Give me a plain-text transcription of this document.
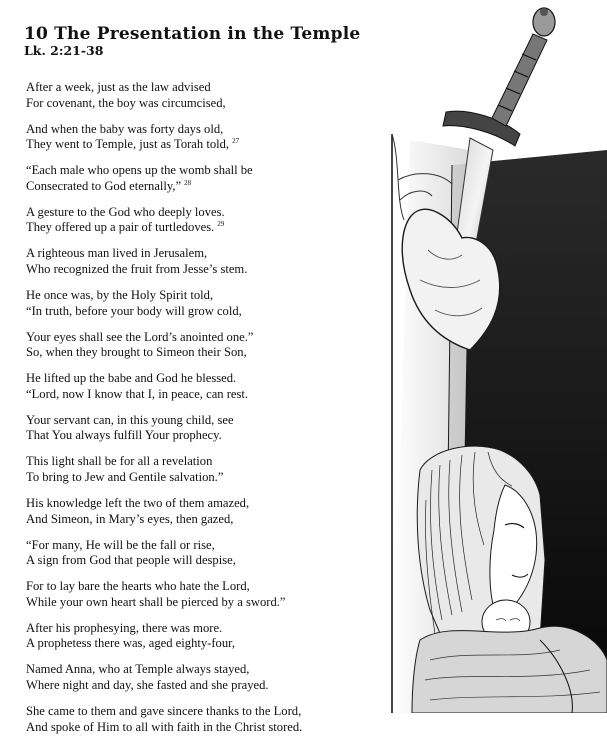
10 The Presentation in the Temple
Lk. 2:21-38
After a week, just as the law advised
For covenant, the boy was circumcised,
And when the baby was forty days old,
They went to Temple, just as Torah told, $^{27}$
“Each male who opens up the womb shall be
Consecrated to God eternally,” $^{28}$
A gesture to the God who deeply loves.
They offered up a pair of turtledoves. $^{29}$
A righteous man lived in Jerusalem,
Who recognized the fruit from Jesse’s stem.
He once was, by the Holy Spirit told,
“In truth, before your body will grow cold,
Your eyes shall see the Lord’s anointed one.”
So, when they brought to Simeon their Son,
He lifted up the babe and God he blessed.
“Lord, now I know that I, in peace, can rest.
Your servant can, in this young child, see
That You always fulfill Your prophecy.
This light shall be for all a revelation
To bring to Jew and Gentile salvation.”
His knowledge left the two of them amazed,
And Simeon, in Mary’s eyes, then gazed,
“For many, He will be the fall or rise,
A sign from God that people will despise,
For to lay bare the hearts who hate the Lord,
While your own heart shall be pierced by a sword.”
After his prophesying, there was more.
A prophetess there was, aged eighty-four,
Named Anna, who at Temple always stayed,
Where night and day, she fasted and she prayed.
She came to them and gave sincere thanks to the Lord,
And spoke of Him to all with faith in the Christ stored.
